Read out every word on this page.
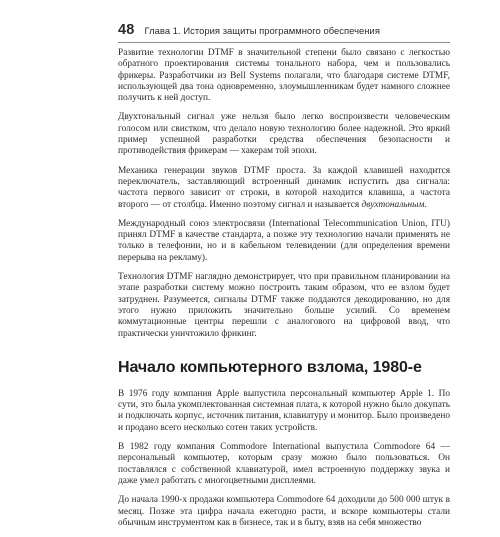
48 Глава 1. История защиты программного обеспечения

Развитие технологии DTMF в значительной степени было связано с легкостью обратного проектирования системы тонального набора, чем и пользовались фрикеры. Разработчики из Bell Systems полагали, что благодаря системе DTMF, использующей два тона одновременно, злоумышленникам будет намного сложнее получить к ней доступ.

Двухтональный сигнал уже нельзя было легко воспроизвести человеческим голосом или свистком, что делало новую технологию более надежной. Это яркий пример успешной разработки средства обеспечения безопасности и противодействия фрикерам — хакерам той эпохи.

Механика генерации звуков DTMF проста. За каждой клавишей находится переключатель, заставляющий встроенный динамик испустить два сигнала: частота первого зависит от строки, в которой находится клавиша, а частота второго — от столбца. Именно поэтому сигнал и называется двухтональным.

Международный союз электросвязи (International Telecommunication Union, ITU) принял DTMF в качестве стандарта, а позже эту технологию начали применять не только в телефонии, но и в кабельном телевидении (для определения времени перерыва на рекламу).

Технология DTMF наглядно демонстрирует, что при правильном планировании на этапе разработки систему можно построить таким образом, что ее взлом будет затруднен. Разумеется, сигналы DTMF также поддаются декодированию, но для этого нужно приложить значительно больше усилий. Со временем коммутационные центры перешли с аналогового на цифровой ввод, что практически уничтожило фрикинг.

Начало компьютерного взлома, 1980-е

В 1976 году компания Apple выпустила персональный компьютер Apple 1. По сути, это была укомплектованная системная плата, к которой нужно было докупать и подключать корпус, источник питания, клавиатуру и монитор. Было произведено и продано всего несколько сотен таких устройств.

В 1982 году компания Commodore International выпустила Commodore 64 — персональный компьютер, которым сразу можно было пользоваться. Он поставлялся с собственной клавиатурой, имел встроенную поддержку звука и даже умел работать с многоцветными дисплеями.

До начала 1990-х продажи компьютера Commodore 64 доходили до 500 000 штук в месяц. Позже эта цифра начала ежегодно расти, и вскоре компьютеры стали обычным инструментом как в бизнесе, так и в быту, взяв на себя множество
